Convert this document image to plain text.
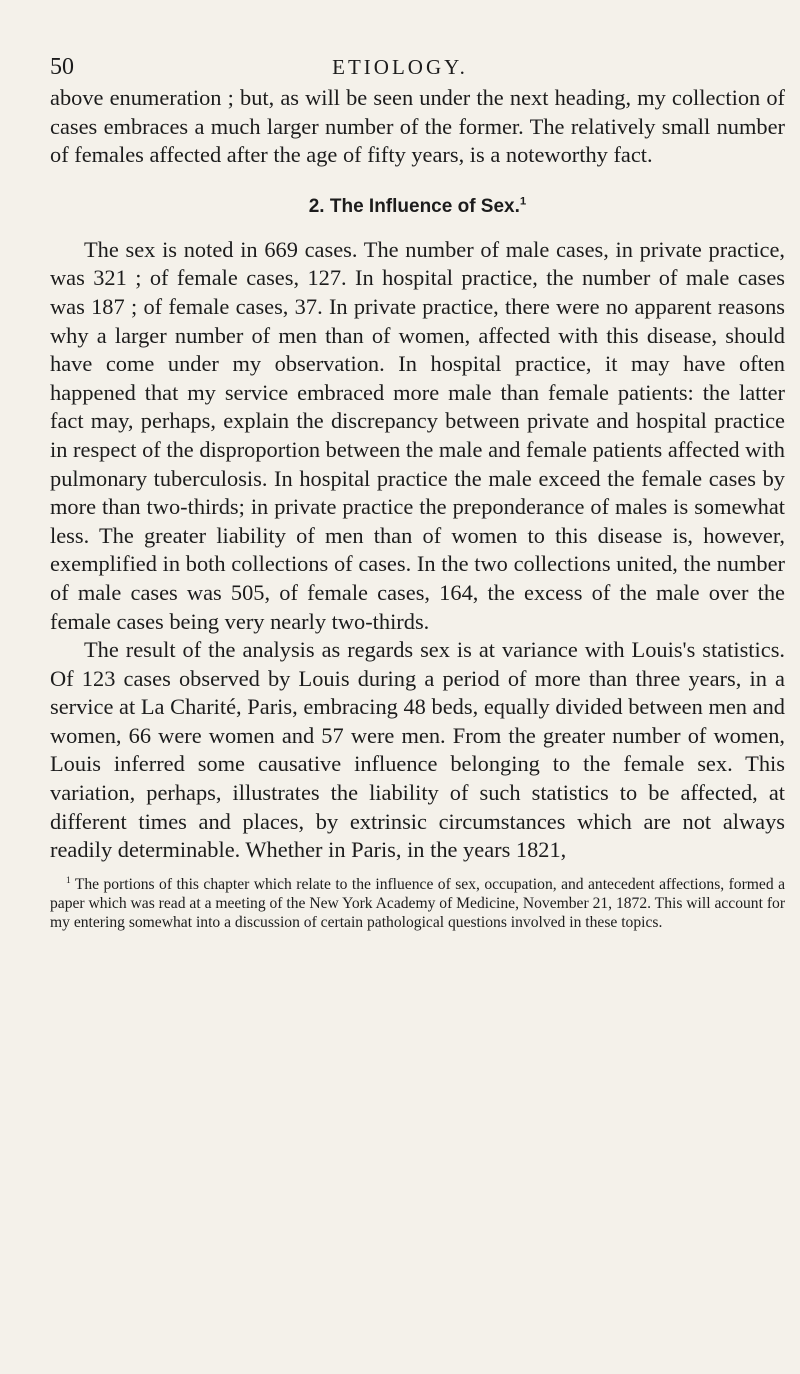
50	ETIOLOGY.

above enumeration ; but, as will be seen under the next heading, my collection of cases embraces a much larger number of the former. The relatively small number of females affected after the age of fifty years, is a noteworthy fact.

2. The Influence of Sex.$^1$

The sex is noted in 669 cases. The number of male cases, in private practice, was 321 ; of female cases, 127. In hospital practice, the number of male cases was 187 ; of female cases, 37. In private practice, there were no apparent reasons why a larger number of men than of women, affected with this disease, should have come under my observation. In hospital practice, it may have often happened that my service embraced more male than female patients: the latter fact may, perhaps, explain the discrepancy between private and hospital practice in respect of the disproportion between the male and female patients affected with pulmonary tuberculosis. In hospital practice the male exceed the female cases by more than two-thirds; in private practice the preponderance of males is somewhat less. The greater liability of men than of women to this disease is, however, exemplified in both collections of cases. In the two collections united, the number of male cases was 505, of female cases, 164, the excess of the male over the female cases being very nearly two-thirds.

The result of the analysis as regards sex is at variance with Louis's statistics. Of 123 cases observed by Louis during a period of more than three years, in a service at La Charité, Paris, embracing 48 beds, equally divided between men and women, 66 were women and 57 were men. From the greater number of women, Louis inferred some causative influence belonging to the female sex. This variation, perhaps, illustrates the liability of such statistics to be affected, at different times and places, by extrinsic circumstances which are not always readily determinable. Whether in Paris, in the years 1821,

$^1$ The portions of this chapter which relate to the influence of sex, occupation, and antecedent affections, formed a paper which was read at a meeting of the New York Academy of Medicine, November 21, 1872. This will account for my entering somewhat into a discussion of certain pathological questions involved in these topics.
